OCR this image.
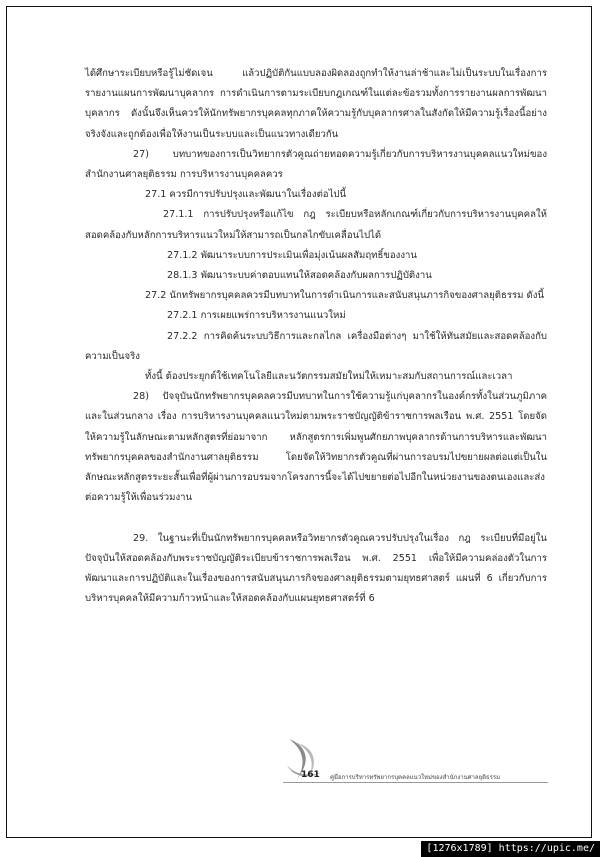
ได้ศึกษาระเบียบหรือรู้ไม่ชัดเจน แล้วปฏิบัติกันแบบลองผิดลองถูกทำให้งานล่าช้าและไม่เป็นระบบในเรื่องการรายงานแผนการพัฒนาบุคลากร การดำเนินการตามระเบียบกฎเกณฑ์ในแต่ละข้อรวมทั้งการรายงานผลการพัฒนาบุคลากร ดังนั้นจึงเห็นควรให้นักทรัพยากรบุคคลทุกภาคให้ความรู้กับบุคลากรศาลในสังกัดให้มีความรู้เรื่องนี้อย่างจริงจังและถูกต้องเพื่อให้งานเป็นระบบและเป็นแนวทางเดียวกัน

27) บทบาทของการเป็นวิทยากรตัวคูณถ่ายทอดความรู้เกี่ยวกับการบริหารงานบุคคลแนวใหม่ของสำนักงานศาลยุติธรรม การบริหารงานบุคคลควร

27.1 ควรมีการปรับปรุงและพัฒนาในเรื่องต่อไปนี้

27.1.1 การปรับปรุงหรือแก้ไข กฎ ระเบียบหรือหลักเกณฑ์เกี่ยวกับการบริหารงานบุคคลให้สอดคล้องกับหลักการบริหารแนวใหม่ให้สามารถเป็นกลไกขับเคลื่อนไปได้

27.1.2 พัฒนาระบบการประเมินเพื่อมุ่งเน้นผลสัมฤทธิ์ของงาน

28.1.3 พัฒนาระบบค่าตอบแทนให้สอดคล้องกับผลการปฏิบัติงาน

27.2 นักทรัพยากรบุคคลควรมีบทบาทในการดำเนินการและสนับสนุนภารกิจของศาลยุติธรรม ดังนี้

27.2.1 การเผยแพร่การบริหารงานแนวใหม่

27.2.2 การคิดค้นระบบวิธีการและกลไกล เครื่องมือต่างๆ มาใช้ให้ทันสมัยและสอดคล้องกับความเป็นจริง

ทั้งนี้ ต้องประยุกต์ใช้เทคโนโลยีและนวัตกรรมสมัยใหม่ให้เหมาะสมกับสถานการณ์และเวลา

28) ปัจจุบันนักทรัพยากรบุคคลควรมีบทบาทในการใช้ความรู้แก่บุคลากรในองค์กรทั้งในส่วนภูมิภาคและในส่วนกลาง เรื่อง การบริหารงานบุคคลแนวใหม่ตามพระราชบัญญัติข้าราชการพลเรือน พ.ศ. 2551 โดยจัดให้ความรู้ในลักษณะตามหลักสูตรที่ย่อมาจาก หลักสูตรการเพิ่มพูนศักยภาพบุคลากรด้านการบริหารและพัฒนาทรัพยากรบุคคลของสำนักงานศาลยุติธรรม โดยจัดให้วิทยากรตัวคูณที่ผ่านการอบรมไปขยายผลต่อแต่เป็นในลักษณะหลักสูตรระยะสั้นเพื่อที่ผู้ผ่านการอบรมจากโครงการนี้จะได้ไปขยายต่อไปอีกในหน่วยงานของตนเองและส่งต่อความรู้ให้เพื่อนร่วมงาน

29. ในฐานะที่เป็นนักทรัพยากรบุคคลหรือวิทยากรตัวคูณควรปรับปรุงในเรื่อง กฎ ระเบียบที่มีอยู่ในปัจจุบันให้สอดคล้องกับพระราชบัญญัติระเบียบข้าราชการพลเรือน พ.ศ. 2551 เพื่อให้มีความคล่องตัวในการพัฒนาและการปฏิบัติและในเรื่องของการสนับสนุนภารกิจของศาลยุติธรรมตามยุทธศาสตร์ แผนที่ 6 เกี่ยวกับการบริหารบุคคลให้มีความก้าวหน้าและให้สอดคล้องกับแผนยุทธศาสตร์ที่ 6

161 คู่มือการบริหารทรัพยากรบุคคลแนวใหม่ของสำนักงานศาลยุติธรรม
[1276x1789] https://upic.me/
